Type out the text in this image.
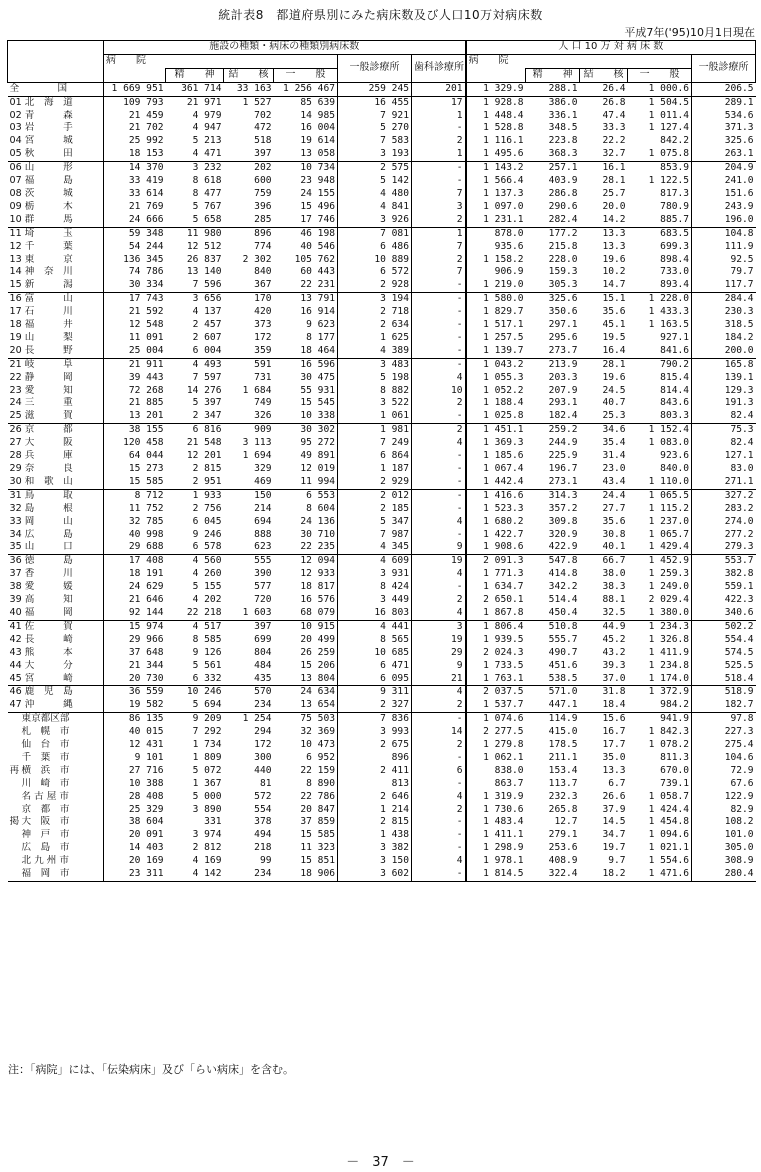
統計表8　都道府県別にみた病床数及び人口10万対病床数
平成7年('95)10月1日現在
	施設の種類・病床の種類別病床数						人 口 10 万 対 病 床 数				
	病　　院				一般診療所	歯科診療所	病　　院				一般診療所
		精　　神	結　　核	一　　般				精　　神	結　　核	一　　般	
全　　　　国	1 669 951	361 714	33 163	1 256 467	259 245	201	1 329.9	288.1	26.4	1 000.6	206.5
01 北　海　道	109 793	21 971	1 527	85 639	16 455	17	1 928.8	386.0	26.8	1 504.5	289.1
02 青　　　森	21 459	4 979	702	14 985	7 921	1	1 448.4	336.1	47.4	1 011.4	534.6
03 岩　　　手	21 702	4 947	472	16 004	5 270	-	1 528.8	348.5	33.3	1 127.4	371.3
04 宮　　　城	25 992	5 213	518	19 614	7 583	2	1 116.1	223.8	22.2	842.2	325.6
05 秋　　　田	18 153	4 471	397	13 058	3 193	1	1 495.6	368.3	32.7	1 075.8	263.1
06 山　　　形	14 370	3 232	202	10 734	2 575	-	1 143.2	257.1	16.1	853.9	204.9
07 福　　　島	33 419	8 618	600	23 948	5 142	-	1 566.4	403.9	28.1	1 122.5	241.0
08 茨　　　城	33 614	8 477	759	24 155	4 480	7	1 137.3	286.8	25.7	817.3	151.6
09 栃　　　木	21 769	5 767	396	15 496	4 841	3	1 097.0	290.6	20.0	780.9	243.9
10 群　　　馬	24 666	5 658	285	17 746	3 926	2	1 231.1	282.4	14.2	885.7	196.0
11 埼　　　玉	59 348	11 980	896	46 198	7 081	1	878.0	177.2	13.3	683.5	104.8
12 千　　　葉	54 244	12 512	774	40 546	6 486	7	935.6	215.8	13.3	699.3	111.9
13 東　　　京	136 345	26 837	2 302	105 762	10 889	2	1 158.2	228.0	19.6	898.4	92.5
14 神　奈　川	74 786	13 140	840	60 443	6 572	7	906.9	159.3	10.2	733.0	79.7
15 新　　　潟	30 334	7 596	367	22 231	2 928	-	1 219.0	305.3	14.7	893.4	117.7
16 富　　　山	17 743	3 656	170	13 791	3 194	-	1 580.0	325.6	15.1	1 228.0	284.4
17 石　　　川	21 592	4 137	420	16 914	2 718	-	1 829.7	350.6	35.6	1 433.3	230.3
18 福　　　井	12 548	2 457	373	9 623	2 634	-	1 517.1	297.1	45.1	1 163.5	318.5
19 山　　　梨	11 091	2 607	172	8 177	1 625	-	1 257.5	295.6	19.5	927.1	184.2
20 長　　　野	25 004	6 004	359	18 464	4 389	-	1 139.7	273.7	16.4	841.6	200.0
21 岐　　　阜	21 911	4 493	591	16 596	3 483	-	1 043.2	213.9	28.1	790.2	165.8
22 静　　　岡	39 443	7 597	731	30 475	5 198	4	1 055.3	203.3	19.6	815.4	139.1
23 愛　　　知	72 268	14 276	1 684	55 931	8 882	10	1 052.2	207.9	24.5	814.4	129.3
24 三　　　重	21 885	5 397	749	15 545	3 522	2	1 188.4	293.1	40.7	843.6	191.3
25 滋　　　賀	13 201	2 347	326	10 338	1 061	-	1 025.8	182.4	25.3	803.3	82.4
26 京　　　都	38 155	6 816	909	30 302	1 981	2	1 451.1	259.2	34.6	1 152.4	75.3
27 大　　　阪	120 458	21 548	3 113	95 272	7 249	4	1 369.3	244.9	35.4	1 083.0	82.4
28 兵　　　庫	64 044	12 201	1 694	49 891	6 864	-	1 185.6	225.9	31.4	923.6	127.1
29 奈　　　良	15 273	2 815	329	12 019	1 187	-	1 067.4	196.7	23.0	840.0	83.0
30 和　歌　山	15 585	2 951	469	11 994	2 929	-	1 442.4	273.1	43.4	1 110.0	271.1
31 鳥　　　取	8 712	1 933	150	6 553	2 012	-	1 416.6	314.3	24.4	1 065.5	327.2
32 島　　　根	11 752	2 756	214	8 604	2 185	-	1 523.3	357.2	27.7	1 115.2	283.2
33 岡　　　山	32 785	6 045	694	24 136	5 347	4	1 680.2	309.8	35.6	1 237.0	274.0
34 広　　　島	40 998	9 246	888	30 710	7 987	-	1 422.7	320.9	30.8	1 065.7	277.2
35 山　　　口	29 688	6 578	623	22 235	4 345	9	1 908.6	422.9	40.1	1 429.4	279.3
36 徳　　　島	17 408	4 560	555	12 094	4 609	19	2 091.3	547.8	66.7	1 452.9	553.7
37 香　　　川	18 191	4 260	390	12 933	3 931	4	1 771.3	414.8	38.0	1 259.3	382.8
38 愛　　　媛	24 629	5 155	577	18 817	8 424	-	1 634.7	342.2	38.3	1 249.0	559.1
39 高　　　知	21 646	4 202	720	16 576	3 449	2	2 650.1	514.4	88.1	2 029.4	422.3
40 福　　　岡	92 144	22 218	1 603	68 079	16 803	4	1 867.8	450.4	32.5	1 380.0	340.6
41 佐　　　賀	15 974	4 517	397	10 915	4 441	3	1 806.4	510.8	44.9	1 234.3	502.2
42 長　　　崎	29 966	8 585	699	20 499	8 565	19	1 939.5	555.7	45.2	1 326.8	554.4
43 熊　　　本	37 648	9 126	804	26 259	10 685	29	2 024.3	490.7	43.2	1 411.9	574.5
44 大　　　分	21 344	5 561	484	15 206	6 471	9	1 733.5	451.6	39.3	1 234.8	525.5
45 宮　　　崎	20 730	6 332	435	13 804	6 095	21	1 763.1	538.5	37.0	1 174.0	518.4
46 鹿　児　島	36 559	10 246	570	24 634	9 311	4	2 037.5	571.0	31.8	1 372.9	518.9
47 沖　　　縄	19 582	5 694	234	13 654	2 327	2	1 537.7	447.1	18.4	984.2	182.7
東京都区部	86 135	9 209	1 254	75 503	7 836	-	1 074.6	114.9	15.6	941.9	97.8
札　幌　市	40 015	7 292	294	32 369	3 993	14	2 277.5	415.0	16.7	1 842.3	227.3
仙　台　市	12 431	1 734	172	10 473	2 675	2	1 279.8	178.5	17.7	1 078.2	275.4
千　葉　市	9 101	1 809	300	6 952	896	-	1 062.1	211.1	35.0	811.3	104.6
再 横　浜　市	27 716	5 072	440	22 159	2 411	6	838.0	153.4	13.3	670.0	72.9
川　崎　市	10 388	1 367	81	8 890	813	-	863.7	113.7	6.7	739.1	67.6
名 古 屋 市	28 408	5 000	572	22 786	2 646	4	1 319.9	232.3	26.6	1 058.7	122.9
京　都　市	25 329	3 890	554	20 847	1 214	2	1 730.6	265.8	37.9	1 424.4	82.9
掲 大　阪　市	38 604	331	378	37 859	2 815	-	1 483.4	12.7	14.5	1 454.8	108.2
神　戸　市	20 091	3 974	494	15 585	1 438	-	1 411.1	279.1	34.7	1 094.6	101.0
広　島　市	14 403	2 812	218	11 323	3 382	-	1 298.9	253.6	19.7	1 021.1	305.0
北 九 州 市	20 169	4 169	99	15 851	3 150	4	1 978.1	408.9	9.7	1 554.6	308.9
福　岡　市	23 311	4 142	234	18 906	3 602	-	1 814.5	322.4	18.2	1 471.6	280.4
注：「病院」には、「伝染病床」及び「らい病床」を含む。
－　37　－
